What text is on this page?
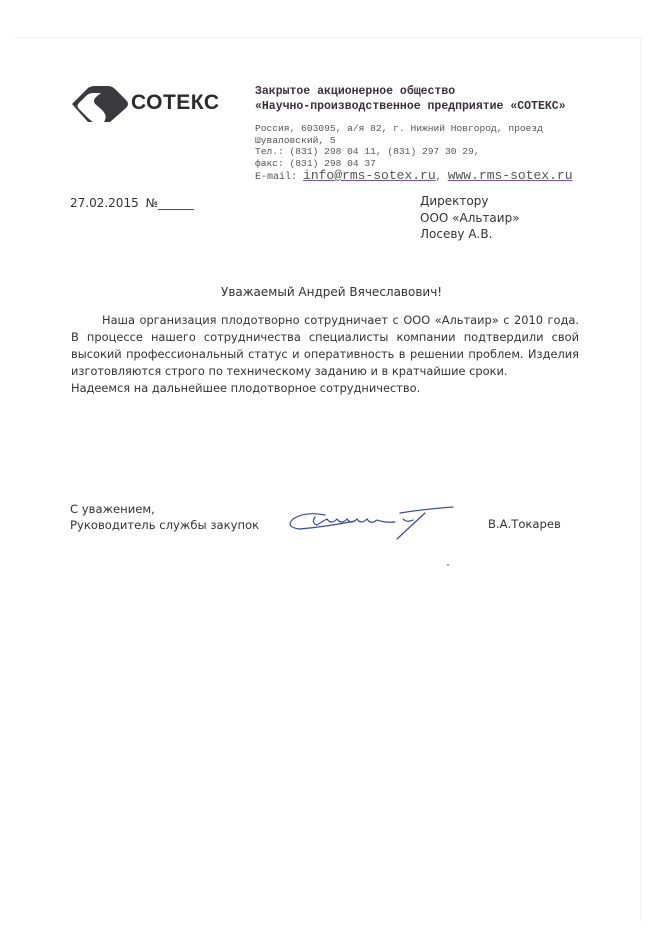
СОТЕКС	Закрытое акционерное общество
«Научно-производственное предприятие «СОТЕКС»
Россия, 603095, а/я 82, г. Нижний Новгород, проезд
Шуваловский, 5
Тел.: (831) 298 04 11, (831) 297 30 29,
факс: (831) 298 04 37
E-mail: info@rms-sotex.ru, www.rms-sotex.ru
27.02.2015 №______	Директору
ООО «Альтаир»
Лосеву А.В.
Уважаемый Андрей Вячеславович!

Наша организация плодотворно сотрудничает с ООО «Альтаир» с 2010 года. В процессе нашего сотрудничества специалисты компании подтвердили свой высокий профессиональный статус и оперативность в решении проблем. Изделия изготовляются строго по техническому заданию и в кратчайшие сроки.

Надеемся на дальнейшее плодотворное сотрудничество.

С уважением,
Руководитель службы закупок	В.А.Токарев
